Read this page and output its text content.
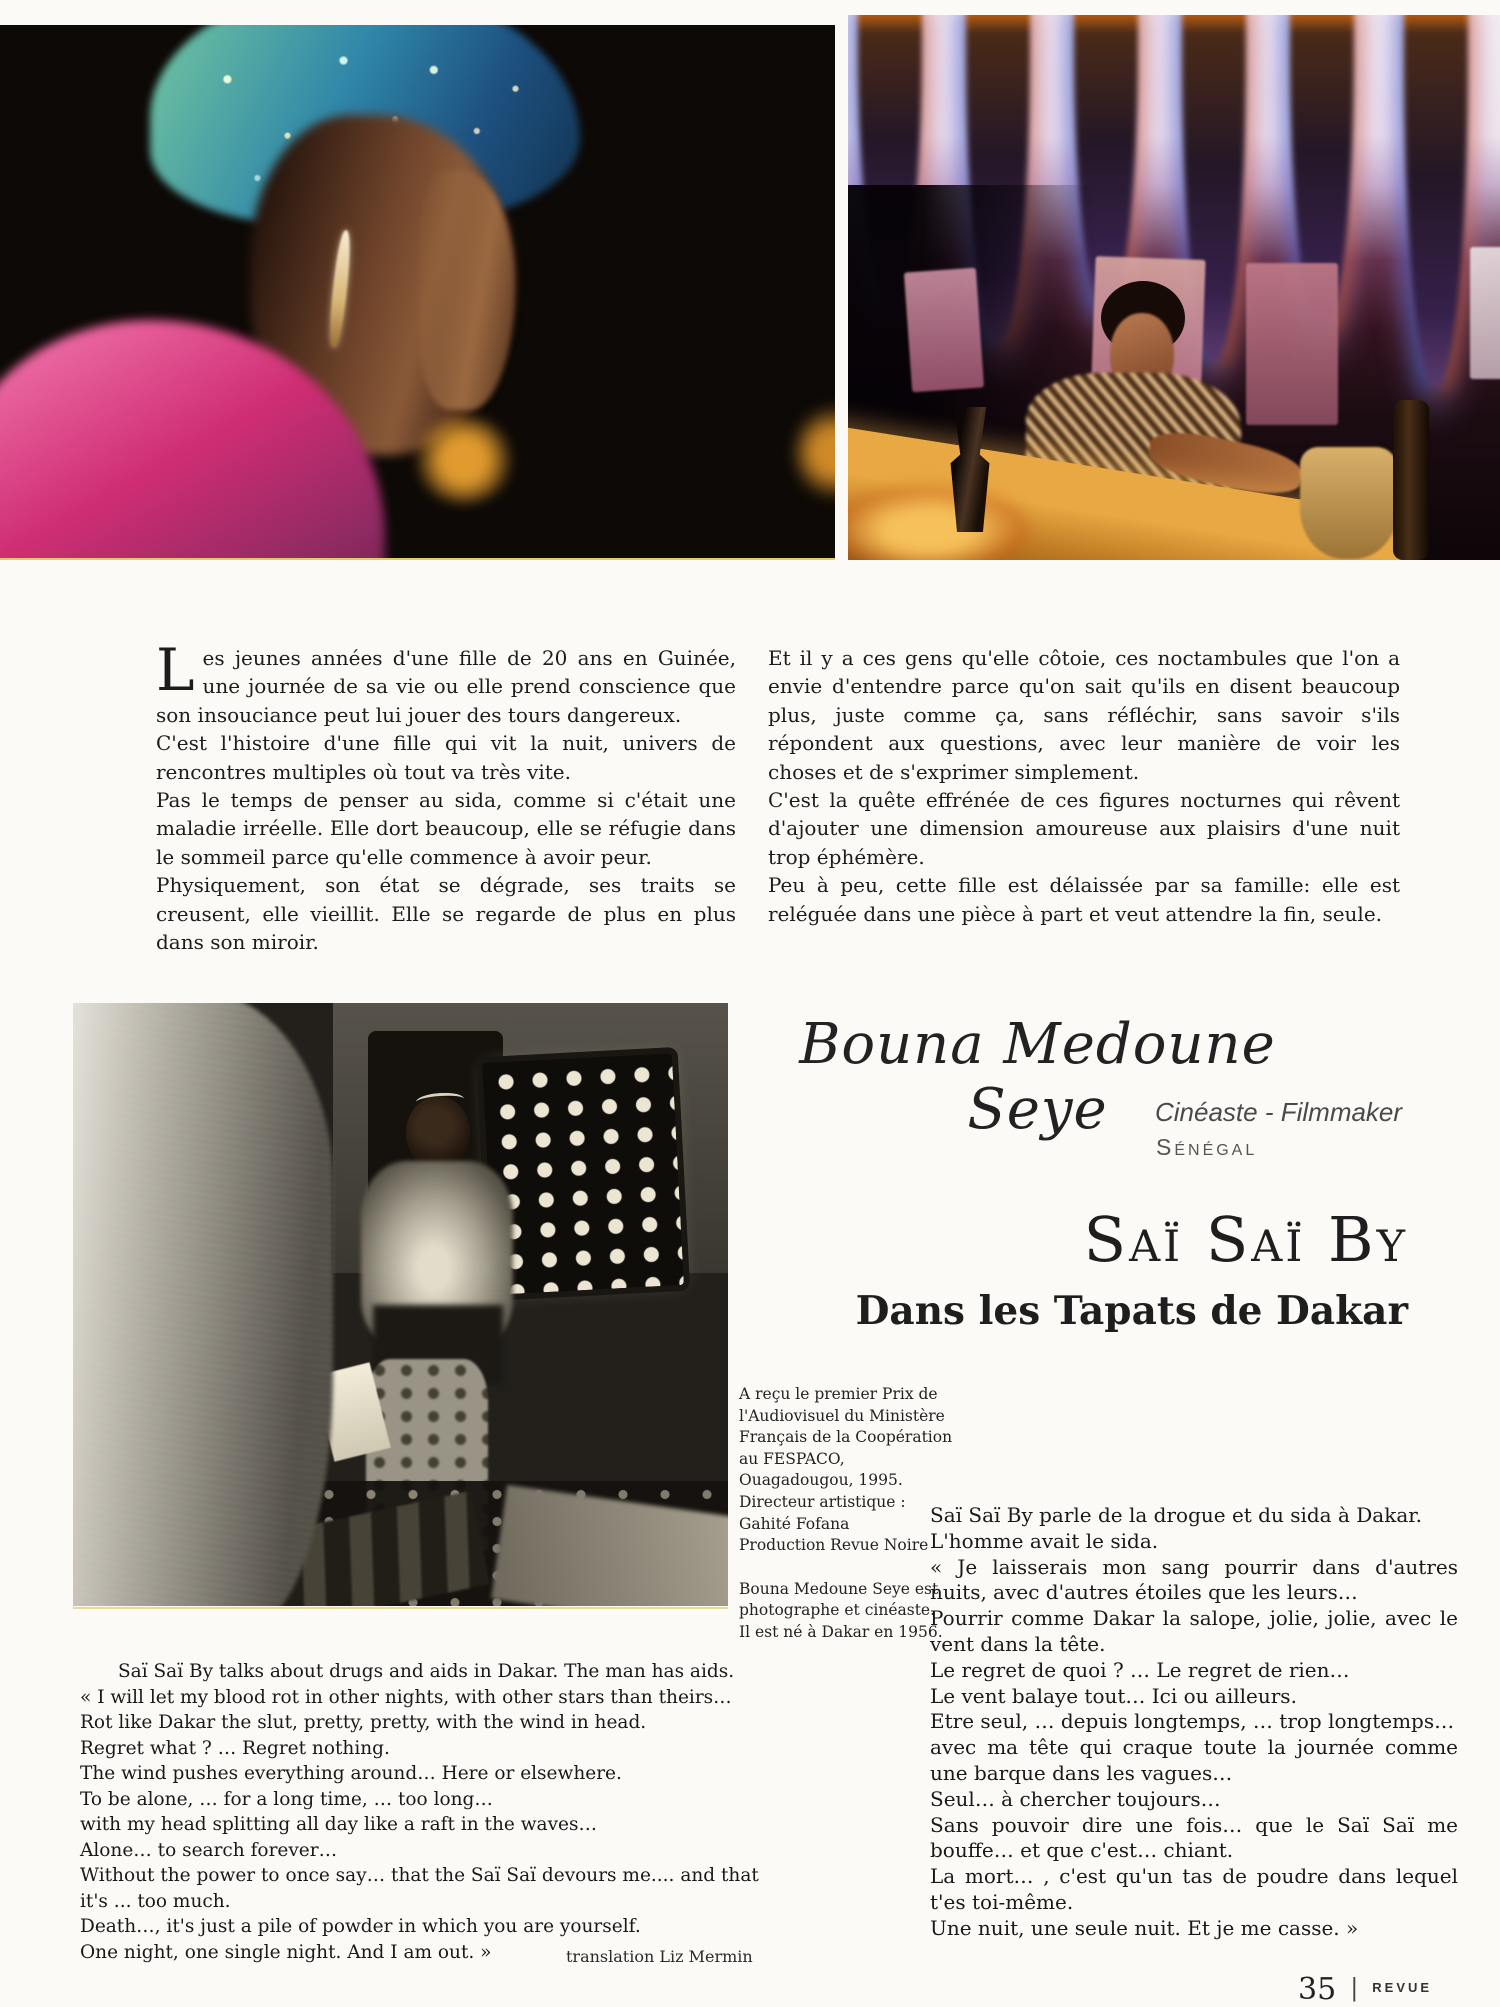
Les jeunes années d'une fille de 20 ans en Guinée, une journée de sa vie ou elle prend conscience que son insouciance peut lui jouer des tours dangereux.

C'est l'histoire d'une fille qui vit la nuit, univers de rencontres multiples où tout va très vite.

Pas le temps de penser au sida, comme si c'était une maladie irréelle. Elle dort beaucoup, elle se réfugie dans le sommeil parce qu'elle commence à avoir peur.

Physiquement, son état se dégrade, ses traits se creusent, elle vieillit. Elle se regarde de plus en plus dans son miroir.

Et il y a ces gens qu'elle côtoie, ces noctambules que l'on a envie d'entendre parce qu'on sait qu'ils en disent beaucoup plus, juste comme ça, sans réfléchir, sans savoir s'ils répondent aux questions, avec leur manière de voir les choses et de s'exprimer simplement.

C'est la quête effrénée de ces figures nocturnes qui rêvent d'ajouter une dimension amoureuse aux plaisirs d'une nuit trop éphémère.

Peu à peu, cette fille est délaissée par sa famille: elle est reléguée dans une pièce à part et veut attendre la fin, seule.

Bouna Medoune Seye	Cinéaste - Filmmaker
Sénégal
Saï Saï By
Dans les Tapats de Dakar
A reçu le premier Prix de
l'Audiovisuel du Ministère
Français de la Coopération
au FESPACO,
Ouagadougou, 1995.
Directeur artistique :
Gahité Fofana
Production Revue Noire
Bouna Medoune Seye est
photographe et cinéaste.
Il est né à Dakar en 1956.

Saï Saï By talks about drugs and aids in Dakar. The man has aids.

« I will let my blood rot in other nights, with other stars than theirs…

Rot like Dakar the slut, pretty, pretty, with the wind in head.

Regret what ? … Regret nothing.

The wind pushes everything around… Here or elsewhere.

To be alone, … for a long time, … too long…

with my head splitting all day like a raft in the waves…

Alone… to search forever…

Without the power to once say… that the Saï Saï devours me.... and that it's ... too much.

Death…, it's just a pile of powder in which you are yourself.

One night, one single night. And I am out. »	translation Liz Mermin

Saï Saï By parle de la drogue et du sida à Dakar.

L'homme avait le sida.

« Je laisserais mon sang pourrir dans d'autres nuits, avec d'autres étoiles que les leurs…

Pourrir comme Dakar la salope, jolie, jolie, avec le vent dans la tête.

Le regret de quoi ? … Le regret de rien…

Le vent balaye tout… Ici ou ailleurs.

Etre seul, … depuis longtemps, … trop longtemps…

avec ma tête qui craque toute la journée comme une barque dans les vagues…

Seul… à chercher toujours…

Sans pouvoir dire une fois… que le Saï Saï me bouffe… et que c'est… chiant.

La mort… , c'est qu'un tas de poudre dans lequel t'es toi-même.

Une nuit, une seule nuit. Et je me casse. »

35 | REVUE
